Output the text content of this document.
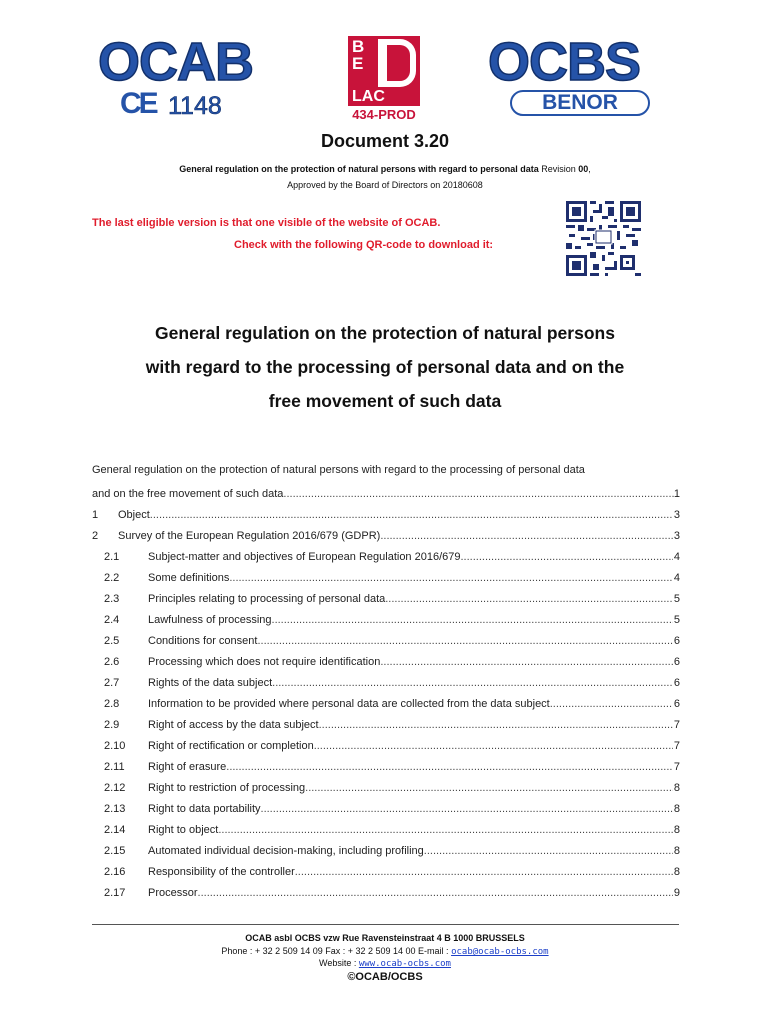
OCAB
CE 1148
B
E
LAC
434-PROD
OCBS
BENOR
Document 3.20
General regulation on the protection of natural persons with regard to personal data Revision 00,
Approved by the Board of Directors on 20180608
The last eligible version is that one visible of the website of OCAB.
Check with the following QR-code to download it:
General regulation on the protection of natural persons
with regard to the processing of personal data and on the
free movement of such data
General regulation on the protection of natural persons with regard to the processing of personal data
and on the free movement of such data .....	1
1 Object .....	3
2 Survey of the European Regulation 2016/679 (GDPR) .....	3
2.1	Subject-matter and objectives of European Regulation 2016/679 .....	4
2.2	Some definitions .....	4
2.3	Principles relating to processing of personal data .....	5
2.4	Lawfulness of processing .....	5
2.5	Conditions for consent .....	6
2.6	Processing which does not require identification .....	6
2.7	Rights of the data subject .....	6
2.8	Information to be provided where personal data are collected from the data subject .....	6
2.9	Right of access by the data subject .....	7
2.10 Right of rectification or completion .....	7
2.11 Right of erasure .....	7
2.12 Right to restriction of processing .....	8
2.13 Right to data portability .....	8
2.14 Right to object .....	8
2.15 Automated individual decision-making, including profiling .....	8
2.16 Responsibility of the controller .....	8
2.17 Processor .....	9
OCAB asbl OCBS vzw Rue Ravensteinstraat 4 B 1000 BRUSSELS
Phone : + 32 2 509 14 09 Fax : + 32 2 509 14 00 E-mail : ocab@ocab-ocbs.com
Website : www.ocab-ocbs.com
©OCAB/OCBS
